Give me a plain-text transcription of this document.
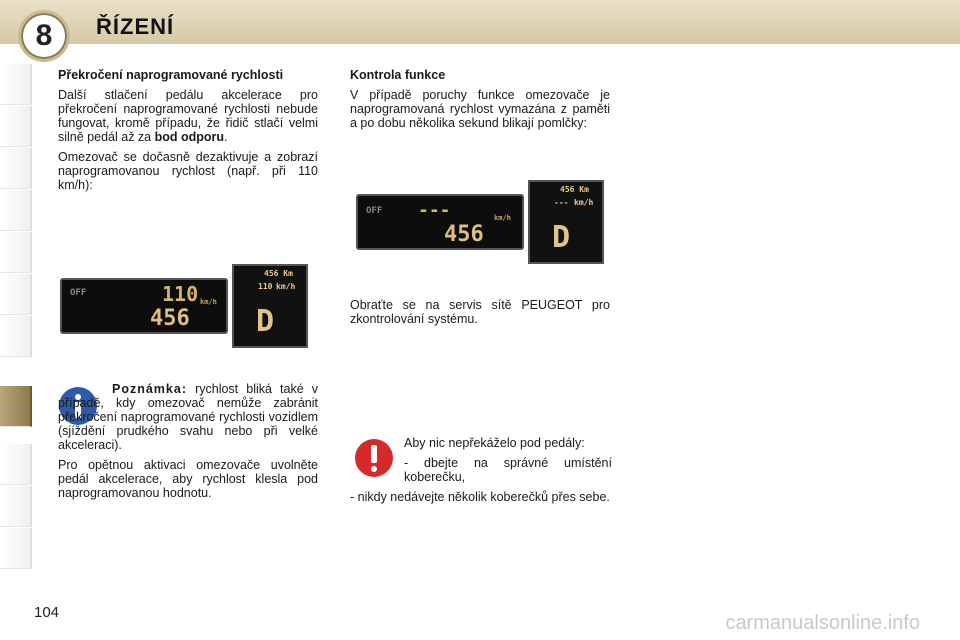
8	ŘÍZENÍ

Překročení naprogramované rychlosti

Další stlačení pedálu akcelerace pro překročení naprogramované rychlosti nebude fungovat, kromě případu, že řidič stlačí velmi silně pedál až za bod odporu.

Omezovač se dočasně dezaktivuje a zobrazí naprogramovanou rychlost (např. při 110 km/h):

OFF	110
456
km/h
456 Km
110 km/h
D

Poznámka: rychlost bliká také v případě, kdy omezovač nemůže zabránit překročení naprogramované rychlosti vozidlem (sjíždění prudkého svahu nebo při velké akceleraci).

Pro opětnou aktivaci omezovače uvolněte pedál akcelerace, aby rychlost klesla pod naprogramovanou hodnotu.

Kontrola funkce

V případě poruchy funkce omezovače je naprogramovaná rychlost vymazána z paměti a po dobu několika sekund blikají pomlčky:

OFF ---
456
km/h
456 Km
--- km/h
D

Obraťte se na servis sítě PEUGEOT pro zkontrolování systému.

Aby nic nepřekáželo pod pedály:

- dbejte na správné umístění koberečku,

- nikdy nedávejte několik koberečků přes sebe.

104	carmanualsonline.info
